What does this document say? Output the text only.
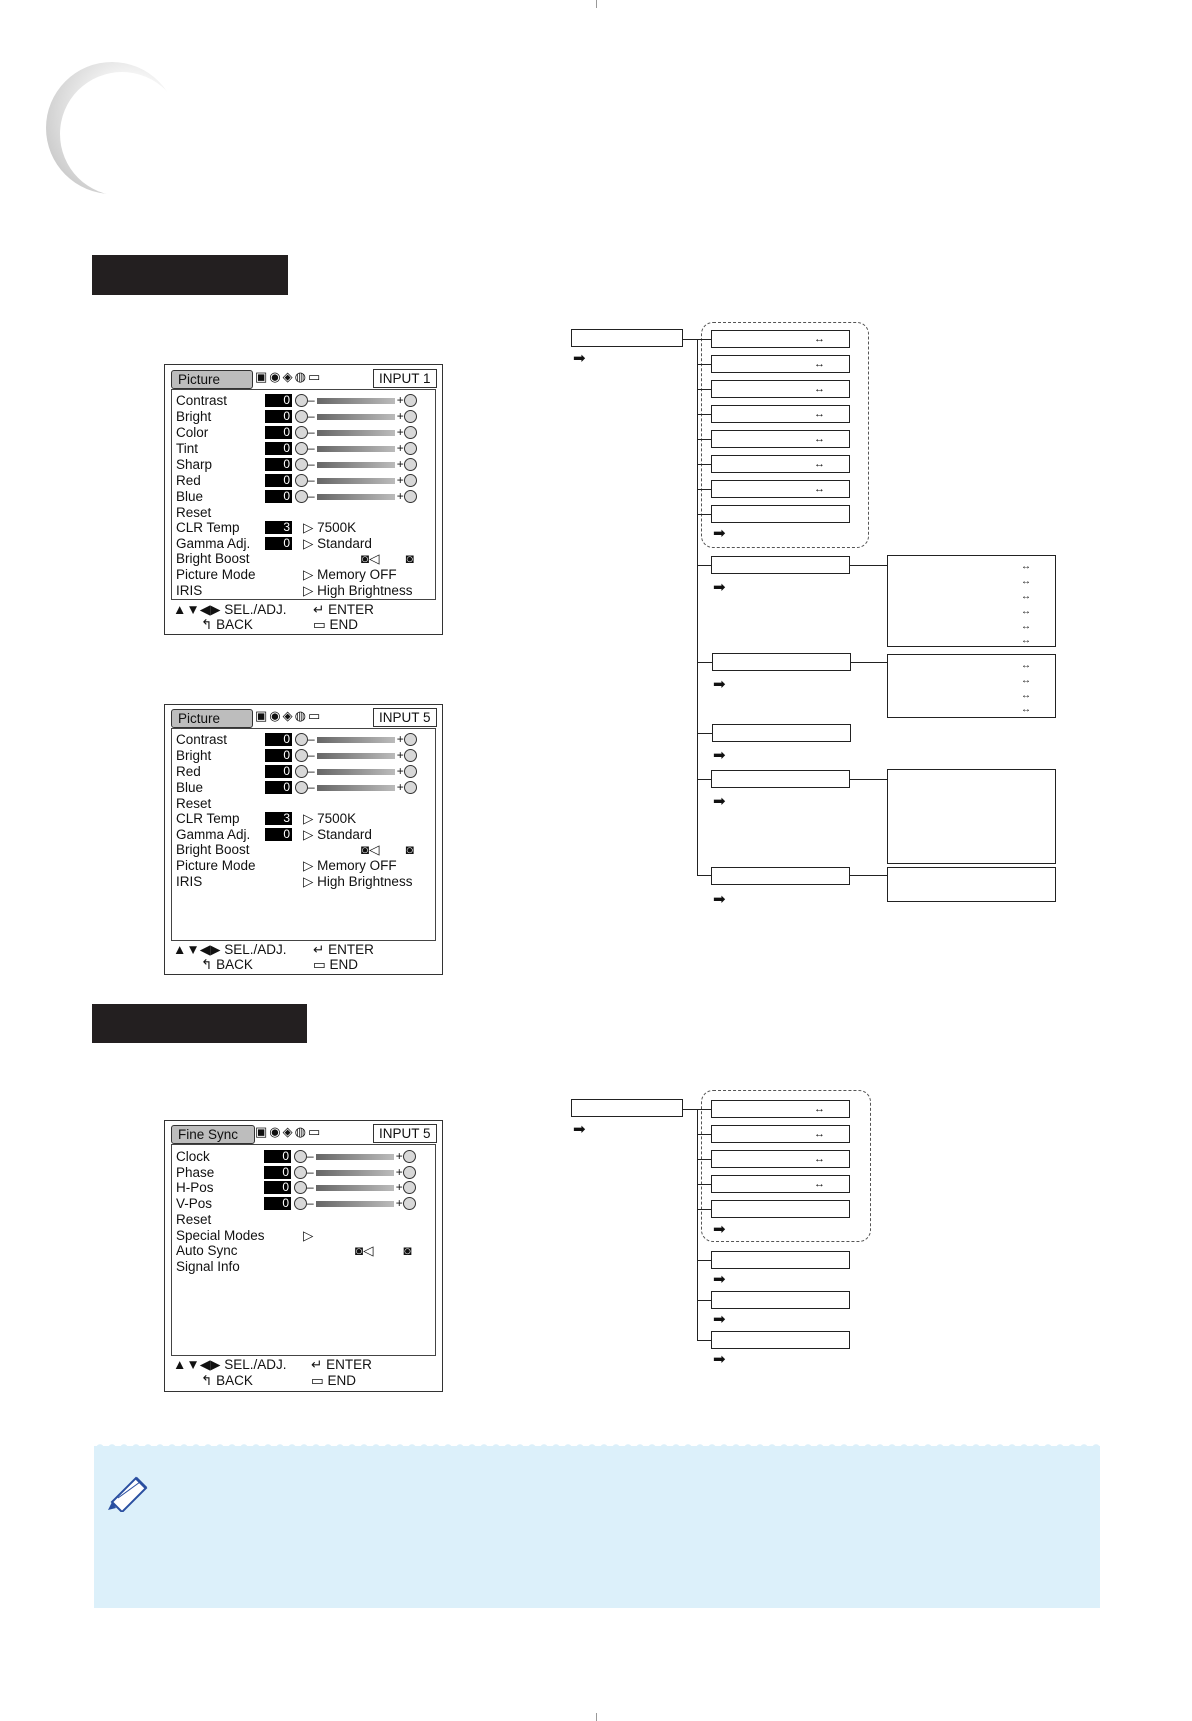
Picture	▣◉◈◍▭	INPUT 1
Contrast	0	–	+
Bright	0	–	+
Color	0	–	+
Tint	0	–	+
Sharp	0	–	+
Red	0	–	+
Blue	0	–	+
Reset
CLR Temp	3 ▷ 7500K
Gamma Adj.	0 ▷ Standard
Bright Boost	◙◁       ◙
Picture Mode	▷ Memory OFF
IRIS	▷ High Brightness
▲▼◀▶ SEL./ADJ. ↵ ENTER
↰ BACK	▭ END
Picture	▣◉◈◍▭	INPUT 5
Contrast	0	–	+
Bright	0	–	+
Red	0	–	+
Blue	0	–	+
Reset
CLR Temp	3 ▷ 7500K
Gamma Adj.	0 ▷ Standard
Bright Boost	◙◁       ◙
Picture Mode	▷ Memory OFF
IRIS	▷ High Brightness
▲▼◀▶ SEL./ADJ. ↵ ENTER
↰ BACK	▭ END
Fine Sync	▣◉◈◍▭	INPUT 5
Clock	0	–	+
Phase	0	–	+
H-Pos	0	–	+
V-Pos	0	–	+
Reset
Special Modes	▷
Auto Sync	◙◁        ◙
Signal Info
▲▼◀▶ SEL./ADJ. ↵ ENTER
↰ BACK	▭ END
➡
↔
↔
↔
↔
↔
↔
↔
➡
➡
↔
↔
↔
↔
↔
↔
➡
↔
↔
↔
↔
➡
➡
➡
➡
↔
↔
↔
↔
➡
➡
➡
➡
